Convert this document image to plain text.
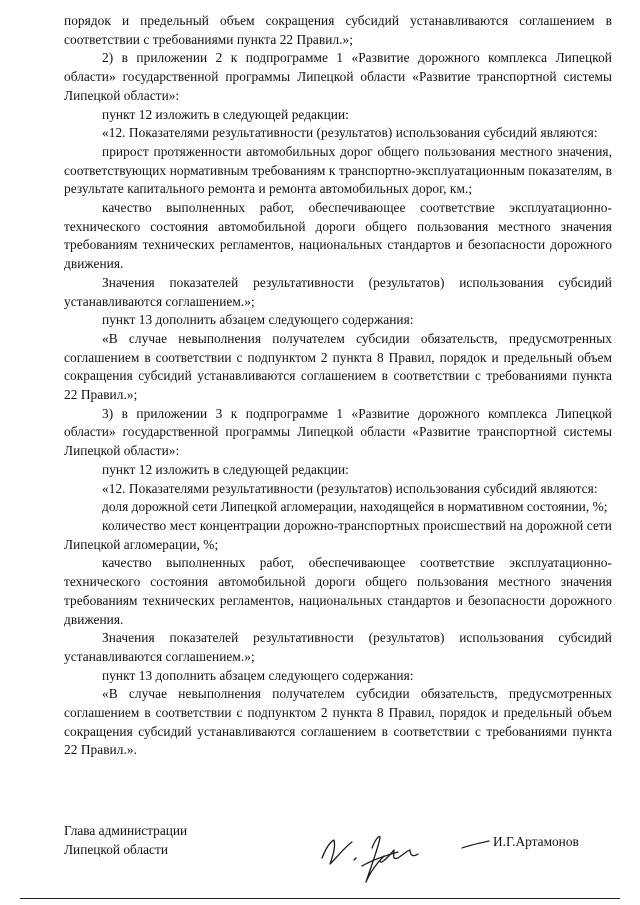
порядок и предельный объем сокращения субсидий устанавливаются соглашением в соответствии с требованиями пункта 22 Правил.»;

2) в приложении 2 к подпрограмме 1 «Развитие дорожного комплекса Липецкой области» государственной программы Липецкой области «Развитие транспортной системы Липецкой области»:

пункт 12 изложить в следующей редакции:

«12. Показателями результативности (результатов) использования субсидий являются:

прирост протяженности автомобильных дорог общего пользования местного значения, соответствующих нормативным требованиям к транспортно-эксплуатационным показателям, в результате капитального ремонта и ремонта автомобильных дорог, км.;

качество выполненных работ, обеспечивающее соответствие эксплуатационно-технического состояния автомобильной дороги общего пользования местного значения требованиям технических регламентов, национальных стандартов и безопасности дорожного движения.

Значения показателей результативности (результатов) использования субсидий устанавливаются соглашением.»;

пункт 13 дополнить абзацем следующего содержания:

«В случае невыполнения получателем субсидии обязательств, предусмотренных соглашением в соответствии с подпунктом 2 пункта 8 Правил, порядок и предельный объем сокращения субсидий устанавливаются соглашением в соответствии с требованиями пункта 22 Правил.»;

3) в приложении 3 к подпрограмме 1 «Развитие дорожного комплекса Липецкой области» государственной программы Липецкой области «Развитие транспортной системы Липецкой области»:

пункт 12 изложить в следующей редакции:

«12. Показателями результативности (результатов) использования субсидий являются:

доля дорожной сети Липецкой агломерации, находящейся в нормативном состоянии, %;

количество мест концентрации дорожно-транспортных происшествий на дорожной сети Липецкой агломерации, %;

качество выполненных работ, обеспечивающее соответствие эксплуатационно-технического состояния автомобильной дороги общего пользования местного значения требованиям технических регламентов, национальных стандартов и безопасности дорожного движения.

Значения показателей результативности (результатов) использования субсидий устанавливаются соглашением.»;

пункт 13 дополнить абзацем следующего содержания:

«В случае невыполнения получателем субсидии обязательств, предусмотренных соглашением в соответствии с подпунктом 2 пункта 8 Правил, порядок и предельный объем сокращения субсидий устанавливаются соглашением в соответствии с требованиями пункта 22 Правил.».

Глава администрации
Липецкой области	И.Г.Артамонов
